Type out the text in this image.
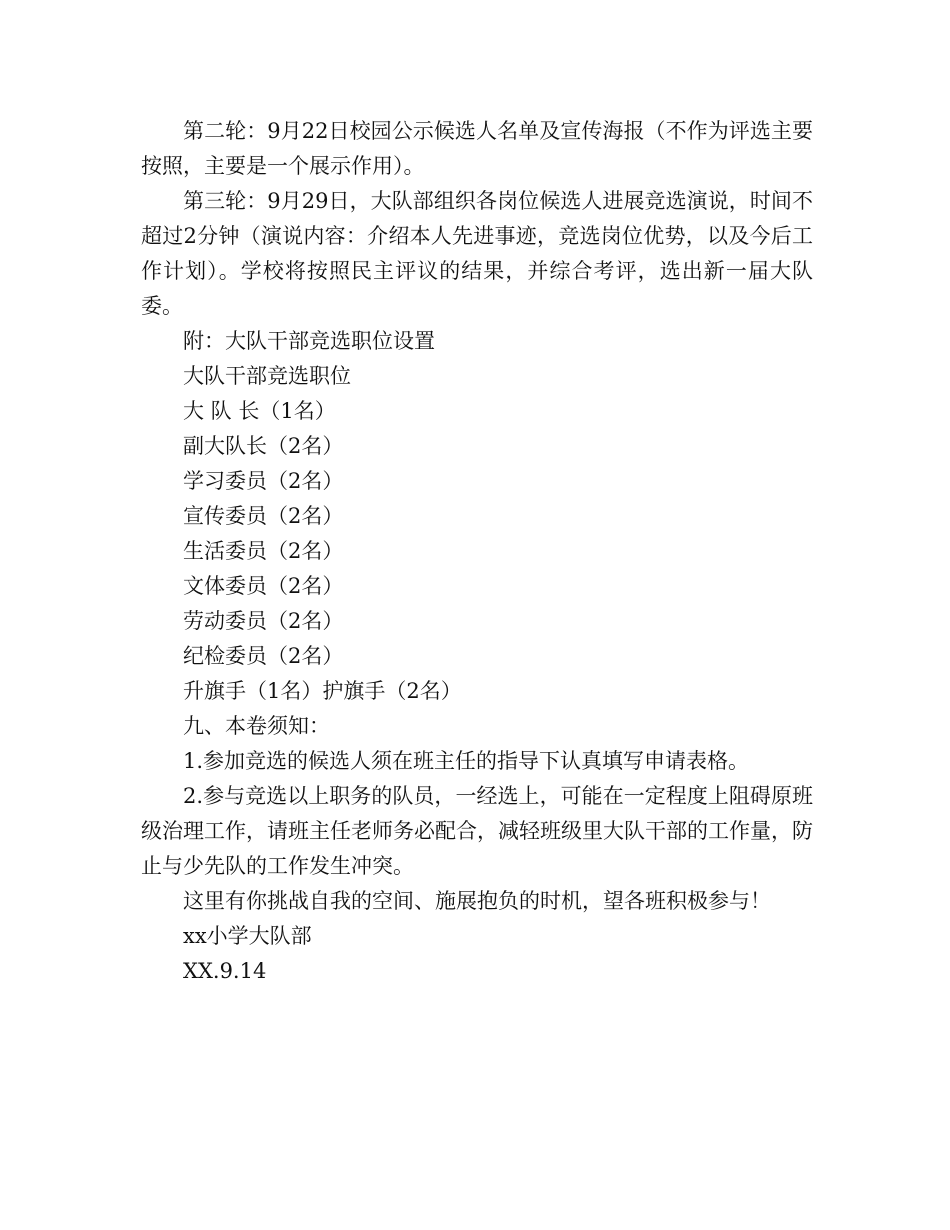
第二轮：9月22日校园公示候选人名单及宣传海报（不作为评选主要按照，主要是一个展示作用）。

第三轮：9月29日，大队部组织各岗位候选人进展竞选演说，时间不超过2分钟（演说内容：介绍本人先进事迹，竞选岗位优势，以及今后工作计划）。学校将按照民主评议的结果，并综合考评，选出新一届大队委。

附：大队干部竞选职位设置

大队干部竞选职位

大 队 长（1名）

副大队长（2名）

学习委员（2名）

宣传委员（2名）

生活委员（2名）

文体委员（2名）

劳动委员（2名）

纪检委员（2名）

升旗手（1名）护旗手（2名）

九、本卷须知：

1.参加竞选的候选人须在班主任的指导下认真填写申请表格。

2.参与竞选以上职务的队员，一经选上，可能在一定程度上阻碍原班级治理工作，请班主任老师务必配合，减轻班级里大队干部的工作量，防止与少先队的工作发生冲突。

这里有你挑战自我的空间、施展抱负的时机，望各班积极参与！

xx小学大队部

XX.9.14
